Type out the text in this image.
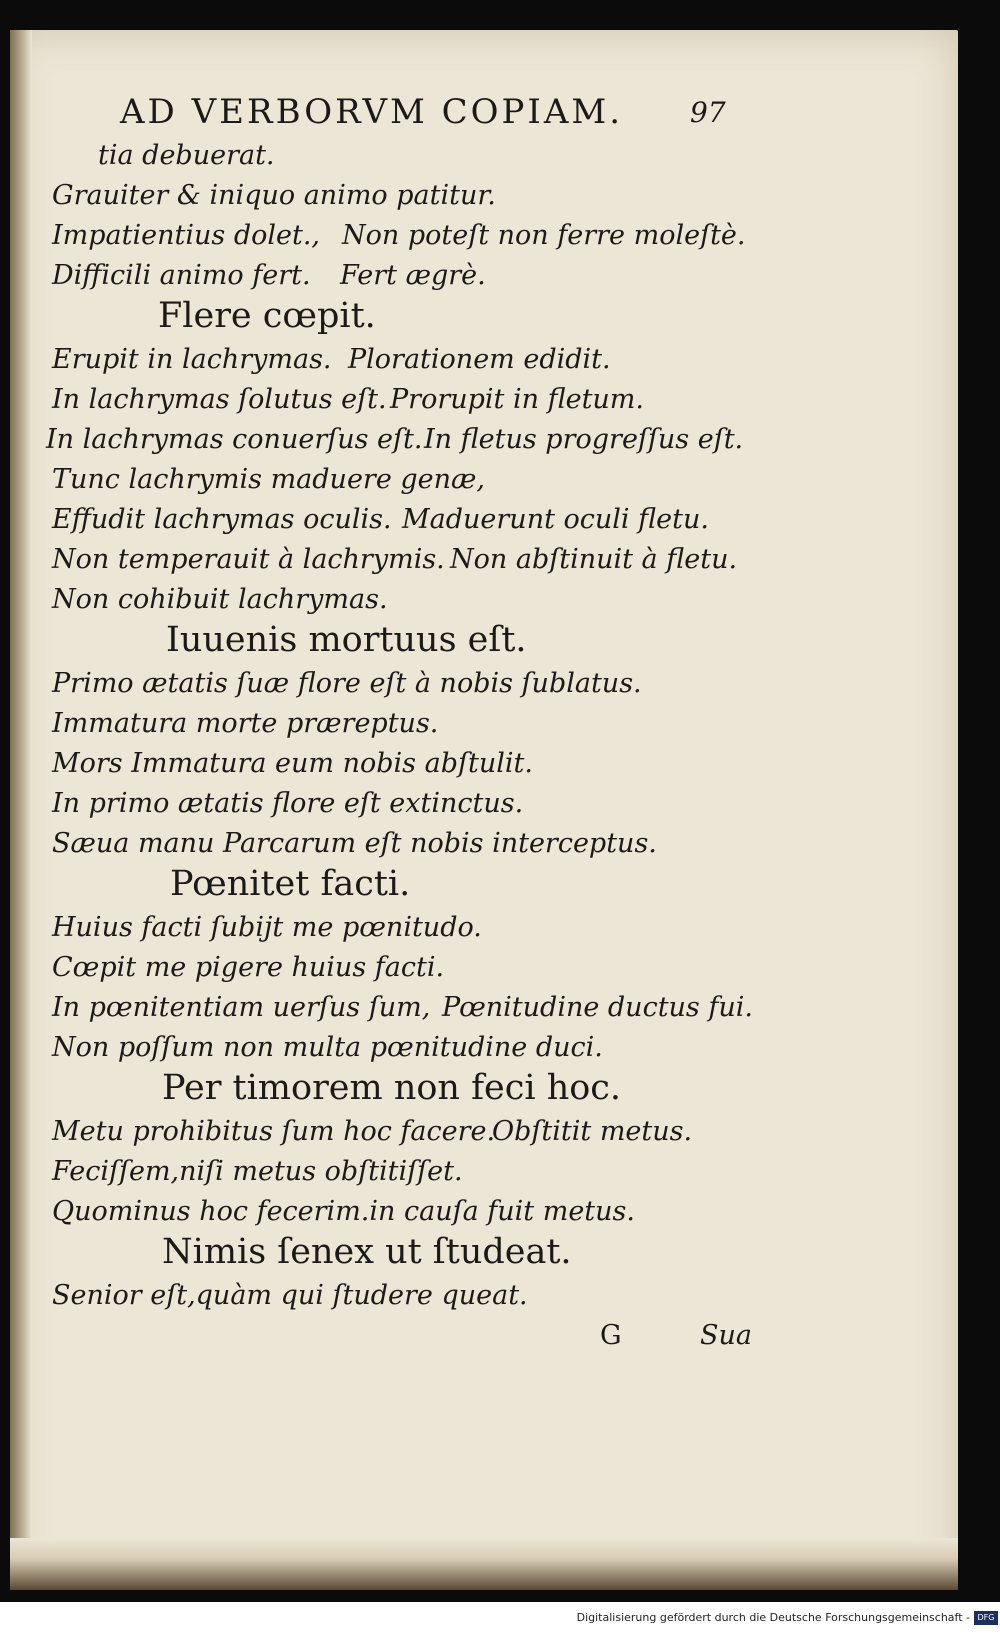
AD VERBORVM COPIAM. 97
tia debuerat.
Grauiter & iniquo animo patitur.
Impatientius dolet., Non poteſt non ferre moleſtè.
Difficili animo fert. Fert ægrè.
Flere cœpit.
Erupit in lachrymas. Plorationem edidit.
In lachrymas ſolutus eſt. Prorupit in fletum.
In lachrymas conuerſus eſt. In fletus progreſſus eſt.
Tunc lachrymis maduere genæ,
Effudit lachrymas oculis. Maduerunt oculi fletu.
Non temperauit à lachrymis. Non abſtinuit à fletu.
Non cohibuit lachrymas.
Iuuenis mortuus eſt.
Primo ætatis ſuæ flore eſt à nobis ſublatus.
Immatura morte præreptus.
Mors Immatura eum nobis abſtulit.
In primo ætatis flore eſt extinctus.
Sæua manu Parcarum eſt nobis interceptus.
Pœnitet facti.
Huius facti ſubijt me pœnitudo.
Cœpit me pigere huius facti.
In pœnitentiam uerſus ſum, Pœnitudine ductus fui.
Non poſſum non multa pœnitudine duci.
Per timorem non feci hoc.
Metu prohibitus ſum hoc facere.
Obſtitit metus.
Feciſſem,niſi metus obſtitiſſet.
Quominus hoc fecerim.in cauſa fuit metus.
Nimis ſenex ut ſtudeat.
Senior eſt,quàm qui ſtudere queat.
G	Sua
Digitalisierung gefördert durch die Deutsche Forschungsgemeinschaft - DFG
